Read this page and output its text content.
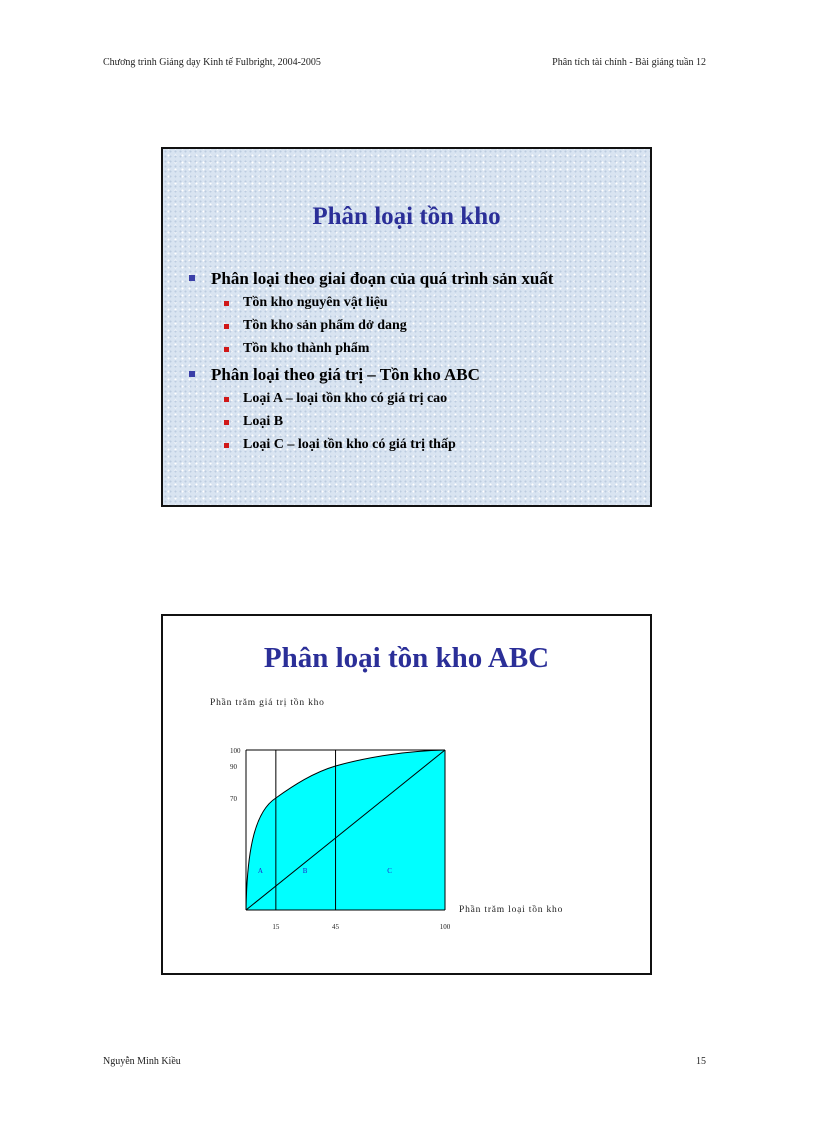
Chương trình Giảng dạy Kinh tế Fulbright, 2004-2005	Phân tích tài chính - Bài giảng tuần 12
Phân loại tồn kho
Phân loại theo giai đoạn của quá trình sản xuất
Tồn kho nguyên vật liệu
Tồn kho sản phẩm dở dang
Tồn kho thành phẩm
Phân loại theo giá trị – Tồn kho ABC
Loại A – loại tồn kho có giá trị cao
Loại B
Loại C – loại tồn kho có giá trị thấp
Phân loại tồn kho ABC
Phần trăm giá trị tồn kho
A	B	C
100
90
70
15	45	100
Phần trăm loại tồn kho
Nguyễn Minh Kiều	15
